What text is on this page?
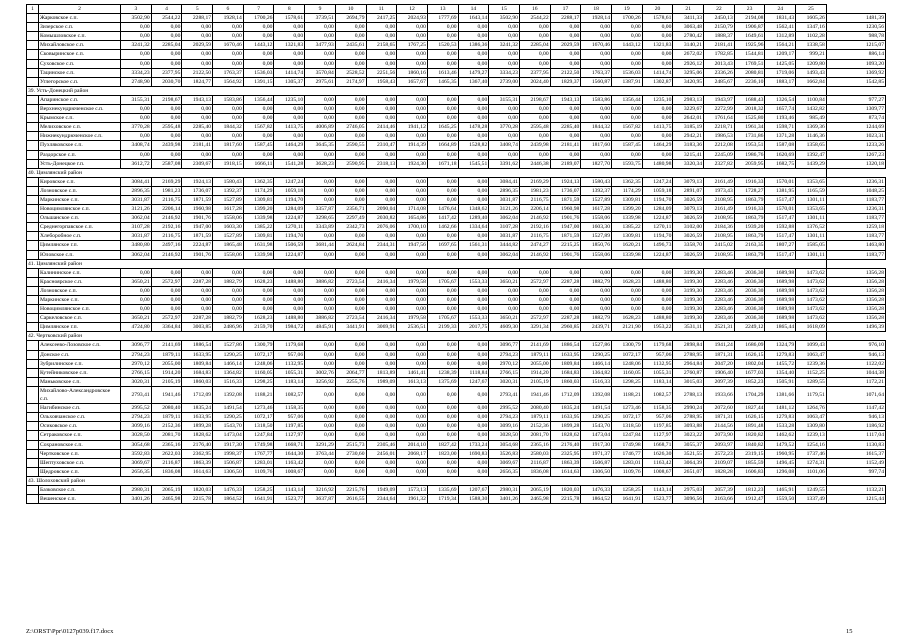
1	2	3	4	5	6	7	8	9	10	11	12	13	14	15	16	17	18	19	20	21	22	23	24	25	
	Жарковское с.п.	3502,90	2544,22	2288,17	1928,14	1700,26	1578,61	3739,51	2694,79	2417,25	2024,93	1777,69	1643,14	3502,90	2544,22	2288,17	1928,14	1700,26	1578,61	3411,33	2450,13	2194,08	1831,43	1605,26	1481,39
	Зизерское с.п.	0,00	0,00	0,00	0,00	0,00	0,00	0,00	0,00	0,00	0,00	0,00	0,00	0,00	0,00	0,00	0,00	0,00	0,00	3063,48	2150,79	1906,87	1562,41	1347,16	1230,56
	Комышловское с.п.	0,00	0,00	0,00	0,00	0,00	0,00	0,00	0,00	0,00	0,00	0,00	0,00	0,00	0,00	0,00	0,00	0,00	0,00	2780,42	1888,37	1649,61	1312,89	1102,28	988,78
	Михайловское с.п.	3241,32	2285,04	2029,59	1670,46	1443,12	1321,83	3477,93	2435,61	2158,65	1767,25	1520,53	1386,36	3241,32	2285,04	2029,59	1670,46	1443,12	1321,83	3140,21	2181,41	1925,96	1564,21	1338,58	1215,07
	Сковыринское с.п.	0,00	0,00	0,00	0,00	0,00	0,00	0,00	0,00	0,00	0,00	0,00	0,00	0,00	0,00	0,00	0,00	0,00	0,00	2672,02	1782,85	1544,81	1209,17	999,21	886,14
	Суховское с.п.	0,00	0,00	0,00	0,00	0,00	0,00	0,00	0,00	0,00	0,00	0,00	0,00	0,00	0,00	0,00	0,00	0,00	0,00	2926,12	2013,43	1769,51	1425,05	1209,80	1093,20
	Тацинское с.п.	3334,23	2377,95	2122,50	1763,37	1536,03	1414,74	3570,84	2528,52	2251,56	1860,16	1613,46	1479,27	3334,23	2377,95	2122,50	1763,37	1536,03	1414,74	3295,06	2336,26	2080,81	1719,06	1493,43	1369,92
	Углегорское с.п.	2748,90	2030,70	1824,77	1564,92	1391,15	1305,37	2975,61	2174,97	1958,43	1657,67	1465,35	1367,40	2739,00	2024,40	1829,37	1560,87	1387,91	1302,87	3420,95	2485,67	2236,10	1883,17	1662,84	1542,85
39. Усть-Донецкий район																									
	Апаринское с.п.	3155,31	2198,67	1943,13	1583,86	1356,44	1235,10	0,00	0,00	0,00	0,00	0,00	0,00	3155,31	2198,67	1943,13	1583,86	1356,44	1235,10	2983,13	1943,97	1688,43	1326,54	1100,84	977,27
	Верхнекундрюченское с.п.	0,00	0,00	0,00	0,00	0,00	0,00	0,00	0,00	0,00	0,00	0,00	0,00	0,00	0,00	0,00	0,00	0,00	0,00	3229,67	2272,99	2018,32	1657,74	1432,82	1309,77
	Крымское с.п.	0,00	0,00	0,00	0,00	0,00	0,00	0,00	0,00	0,00	0,00	0,00	0,00	0,00	0,00	0,00	0,00	0,00	0,00	2642,01	1761,64	1525,80	1193,46	985,49	873,74
	Мелиховское с.п.	3770,28	2595,48	2285,40	1844,32	1567,82	1413,75	4006,89	2746,05	2414,46	1941,12	1645,25	1478,28	3770,28	2595,48	2285,40	1844,32	1567,82	1413,75	3185,19	2218,71	1961,34	1598,71	1369,36	1244,69
	Нижнекундрюченское с.п.	0,00	0,00	0,00	0,00	0,00	0,00	0,00	0,00	0,00	0,00	0,00	0,00	0,00	0,00	0,00	0,00	0,00	0,00	2942,21	1986,53	1731,86	1371,28	1146,36	1023,31
	Пухляковское с.п.	3408,74	2439,98	2181,41	1817,60	1587,45	1464,29	3645,35	2590,55	2310,47	1914,39	1664,89	1528,82	3408,74	2439,98	2181,41	1817,60	1587,45	1464,29	3183,36	2212,08	1953,51	1587,08	1358,65	1233,26
	Раздорское с.п.	0,00	0,00	0,00	0,00	0,00	0,00	0,00	0,00	0,00	0,00	0,00	0,00	0,00	0,00	0,00	0,00	0,00	0,00	3215,41	2245,09	1986,76	1620,69	1392,47	1267,23
	Усть-Донецкое г.п.	3612,72	2587,08	2309,67	1918,15	1666,11	1541,28	3628,23	2590,95	2318,13	1924,30	1671,18	1545,51	3391,62	2446,38	2189,07	1827,70	1593,75	1480,98	3320,34	2327,82	2059,95	1682,75	1439,29	1320,18
40. Цимлянский район																									
	Кировское с.п.	3084,41	2169,29	1924,13	1580,43	1362,35	1247,24	0,00	0,00	0,00	0,00	0,00	0,00	3084,41	2169,29	1924,13	1580,43	1362,35	1247,24	3079,13	2161,49	1916,33	1570,01	1353,65	1236,31
	Лозновское с.п.	2896,35	1981,23	1736,07	1392,37	1174,29	1059,18	0,00	0,00	0,00	0,00	0,00	0,00	2896,35	1981,23	1736,07	1392,37	1174,29	1059,18	2891,07	1973,43	1728,27	1381,95	1165,59	1048,25
	Маркинское с.п.	3031,87	2116,75	1871,59	1527,89	1309,81	1194,70	0,00	0,00	0,00	0,00	0,00	0,00	3031,87	2116,75	1871,59	1527,89	1309,81	1194,70	3026,59	2108,95	1863,79	1517,47	1301,11	1183,77
	Новоцимлянское с.п.	3121,26	2206,14	1960,98	1617,28	1399,20	1284,09	3357,87	2356,71	2090,04	1714,08	1476,64	1348,62	3121,26	2206,14	1960,98	1617,28	1399,20	1284,09	3079,13	2161,49	1916,33	1570,01	1353,65	1236,31
	Ольшанское с.п.	3062,04	2146,92	1901,76	1558,06	1339,98	1224,87	3298,65	2297,49	2030,82	1654,86	1417,42	1289,40	3062,04	2146,92	1901,76	1558,06	1339,98	1224,87	3026,59	2108,95	1863,79	1517,47	1301,11	1183,77
	Среднегорпавское с.п.	3107,28	2192,16	1947,00	1603,30	1385,22	1270,11	3343,89	2342,73	2076,06	1700,10	1462,66	1334,64	3107,28	2192,16	1947,00	1603,30	1385,22	1270,11	3102,00	2184,36	1939,20	1592,88	1376,52	1259,18
	Хлеборобное с.п.	3031,87	2116,75	1871,59	1527,89	1309,81	1194,70	0,00	0,00	0,00	0,00	0,00	0,00	3031,87	2116,75	1871,59	1527,89	1309,81	1194,70	3026,59	2108,95	1863,79	1517,47	1301,11	1183,77
	Цимлянское г.п.	3480,80	2497,16	2224,87	1865,48	1631,98	1506,59	3681,44	2624,84	2344,31	1947,56	1697,65	1561,31	3444,82	2474,27	2215,25	1850,76	1620,21	1496,73	3358,70	2415,02	2163,35	1807,27	1585,05	1463,80
	Юловское с.п.	3062,04	2146,92	1901,76	1558,06	1339,98	1224,87	0,00	0,00	0,00	0,00	0,00	0,00	3062,04	2146,92	1901,76	1558,06	1339,98	1224,87	3026,59	2108,95	1863,79	1517,47	1301,11	1183,77
41. Цимлянский район																									
	Калининское с.п.	0,00	0,00	0,00	0,00	0,00	0,00	0,00	0,00	0,00	0,00	0,00	0,00	0,00	0,00	0,00	0,00	0,00	0,00	3199,30	2283,46	2036,30	1689,98	1473,62	1356,28
	Красноярское с.п.	3650,21	2572,97	2287,28	1882,79	1628,23	1488,80	3886,82	2723,54	2416,34	1979,58	1705,67	1553,33	3650,21	2572,97	2287,28	1882,79	1628,23	1488,80	3199,30	2283,46	2036,30	1689,98	1473,62	1356,28
	Лозновское с.п.	0,00	0,00	0,00	0,00	0,00	0,00	0,00	0,00	0,00	0,00	0,00	0,00	0,00	0,00	0,00	0,00	0,00	0,00	3199,30	2283,46	2036,30	1689,98	1473,62	1356,28
	Маркинское с.п.	0,00	0,00	0,00	0,00	0,00	0,00	0,00	0,00	0,00	0,00	0,00	0,00	0,00	0,00	0,00	0,00	0,00	0,00	3199,30	2283,46	2036,30	1689,98	1473,62	1356,28
	Новоцимлянское с.п.	0,00	0,00	0,00	0,00	0,00	0,00	0,00	0,00	0,00	0,00	0,00	0,00	0,00	0,00	0,00	0,00	0,00	0,00	3199,30	2283,46	2036,30	1689,98	1473,62	1356,28
	Саркеловское с.п.	3650,21	2572,97	2287,28	1882,79	1628,23	1488,80	3886,82	2723,54	2416,34	1979,58	1705,67	1553,33	3650,21	2572,97	2287,28	1882,79	1628,23	1488,80	3199,30	2283,46	2036,30	1689,98	1473,62	1356,28
	Цимлянское г.п.	4724,80	3364,84	3003,85	2486,96	2159,70	1984,72	4845,91	3441,91	3069,91	2536,51	2199,33	2017,75	4609,30	3291,34	2960,85	2439,71	2121,90	1953,22	3531,11	2521,31	2249,12	1865,44	1618,09	1496,39
42. Чертковский район																									
	Алексеево-Лозовское с.п.	3096,77	2141,69	1886,54	1527,86	1300,79	1179,68	0,00	0,00	0,00	0,00	0,00	0,00	3096,77	2141,69	1886,54	1527,86	1300,79	1179,68	2898,84	1941,24	1686,09	1324,79	1099,43	976,10
	Донское с.п.	2794,23	1879,11	1633,95	1290,25	1072,17	957,06	0,00	0,00	0,00	0,00	0,00	0,00	2794,23	1879,11	1633,95	1290,25	1072,17	957,06	2788,95	1871,31	1626,15	1279,83	1063,47	946,13
	Зубрилинское с.п.	2970,12	2055,00	1809,84	1466,14	1248,06	1132,95	0,00	0,00	0,00	0,00	0,00	0,00	2970,12	2055,00	1809,84	1466,14	1248,06	1132,95	2964,84	2047,20	1802,04	1455,72	1239,36	1122,02
	Кутейниковское с.п.	2766,15	1914,20	1684,83	1364,82	1160,05	1055,31	3002,76	2064,77	1813,89	1461,41	1238,39	1118,84	2766,15	1914,20	1684,83	1364,82	1160,05	1055,31	2760,87	1906,40	1677,03	1354,40	1152,25	1044,38
	Маньковское с.п.	3020,31	2105,19	1860,03	1516,33	1298,25	1183,14	3256,92	2255,76	1989,09	1613,13	1375,69	1247,67	3020,31	2105,19	1860,03	1516,33	1298,25	1183,14	3015,03	2097,39	1852,23	1505,91	1289,55	1172,21
	Михайлово-Александровское с.п.	2793,41	1941,46	1712,09	1392,08	1188,21	1082,57	0,00	0,00	0,00	0,00	0,00	0,00	2793,41	1941,46	1712,09	1392,08	1188,21	1082,57	2788,13	1933,66	1704,29	1381,66	1179,51	1071,64
	Нагибинское с.п.	2995,52	2080,40	1835,24	1491,54	1273,46	1158,35	0,00	0,00	0,00	0,00	0,00	0,00	2995,52	2080,40	1835,24	1491,54	1273,46	1158,35	2990,24	2072,60	1827,44	1481,12	1264,76	1147,42
	Ольховчанское с.п.	2794,23	1879,11	1633,95	1290,25	1072,17	957,06	0,00	0,00	0,00	0,00	0,00	0,00	2794,23	1879,11	1633,95	1290,25	1072,17	957,06	2788,95	1871,31	1626,15	1279,83	1063,47	946,13
	Осиковское с.п.	3099,16	2152,36	1899,28	1543,70	1318,50	1197,85	0,00	0,00	0,00	0,00	0,00	0,00	3099,16	2152,36	1899,28	1543,70	1318,50	1197,85	3093,88	2144,56	1891,48	1533,28	1309,80	1186,92
	Сетраковское с.п.	3028,50	2081,70	1828,62	1473,04	1247,84	1127,97	0,00	0,00	0,00	0,00	0,00	0,00	3028,50	2081,70	1828,62	1473,04	1247,84	1127,97	3023,22	2073,90	1820,82	1462,62	1239,13	1117,04
	Сохрановское с.п.	3054,68	2365,16	2176,40	1917,30	1749,98	1668,71	3291,29	2515,73	2305,46	2014,10	1827,42	1733,24	3054,68	2365,16	2176,40	1917,30	1749,98	1668,71	3055,37	2093,97	1840,82	1479,52	1254,16	1130,83
	Чертковское с.п.	3592,83	2622,03	2362,95	1998,37	1767,77	1644,30	3763,44	2730,60	2456,01	2068,17	1823,00	1690,83	3526,83	2580,03	2325,95	1971,37	1746,77	1626,30	3521,55	2572,23	2319,15	1960,95	1737,46	1615,37
	Шептуховское с.п.	3069,67	2116,87	1863,39	1506,87	1283,01	1163,42	0,00	0,00	0,00	0,00	0,00	0,00	3069,67	2116,87	1863,39	1506,87	1283,01	1163,42	3064,39	2109,07	1855,59	1496,45	1274,31	1152,49
	Щедровское с.п.	2656,35	1836,08	1614,63	1306,50	1109,76	1008,67	0,00	0,00	0,00	0,00	0,00	0,00	2656,35	1836,08	1614,63	1306,50	1109,76	1008,67	2651,07	1828,28	1606,83	1296,08	1101,06	997,74
43. Шолоховский район																									
	Базковское с.п.	2980,31	2065,19	1820,03	1476,33	1258,25	1143,14	3216,92	2215,76	1949,09	1573,13	1335,69	1207,67	2980,31	2065,19	1820,03	1476,33	1258,25	1143,14	2975,03	2057,39	1812,23	1465,91	1249,55	1132,21
	Вешенское с.п.	3401,26	2465,98	2215,78	1864,52	1641,91	1523,77	3637,87	2616,55	2344,64	1961,32	1719,34	1588,30	3401,26	2465,98	2215,78	1864,52	1641,91	1523,77	3096,56	2163,66	1912,47	1559,50	1337,49	1215,44
Z:\ORST\Ppr\0127p039.f17.docx	15
